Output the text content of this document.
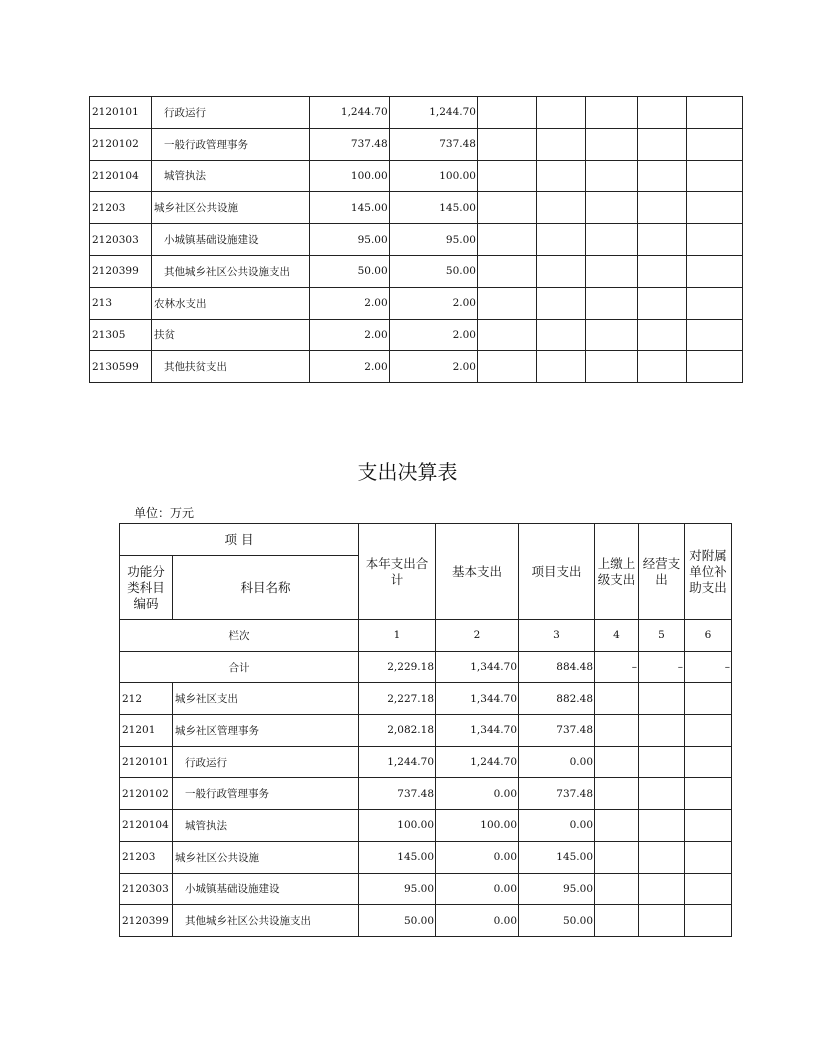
2120101	行政运行	1,244.70	1,244.70					
2120102	一般行政管理事务	737.48	737.48					
2120104	城管执法	100.00	100.00					
21203	城乡社区公共设施	145.00	145.00					
2120303	小城镇基础设施建设	95.00	95.00					
2120399	其他城乡社区公共设施支出	50.00	50.00					
213	农林水支出	2.00	2.00					
21305	扶贫	2.00	2.00					
2130599	其他扶贫支出	2.00	2.00					
支出决算表
单位：万元
项 目		本年支出合计	基本支出	项目支出	上缴上级支出	经营支出	对附属单位补助支出
功能分类科目编码	科目名称						
栏次		1	2	3	4	5	6
合计		2,229.18	1,344.70	884.48	–	–	–
212	城乡社区支出	2,227.18	1,344.70	882.48			
21201	城乡社区管理事务	2,082.18	1,344.70	737.48			
2120101	行政运行	1,244.70	1,244.70	0.00			
2120102	一般行政管理事务	737.48	0.00	737.48			
2120104	城管执法	100.00	100.00	0.00			
21203	城乡社区公共设施	145.00	0.00	145.00			
2120303	小城镇基础设施建设	95.00	0.00	95.00			
2120399	其他城乡社区公共设施支出	50.00	0.00	50.00			
